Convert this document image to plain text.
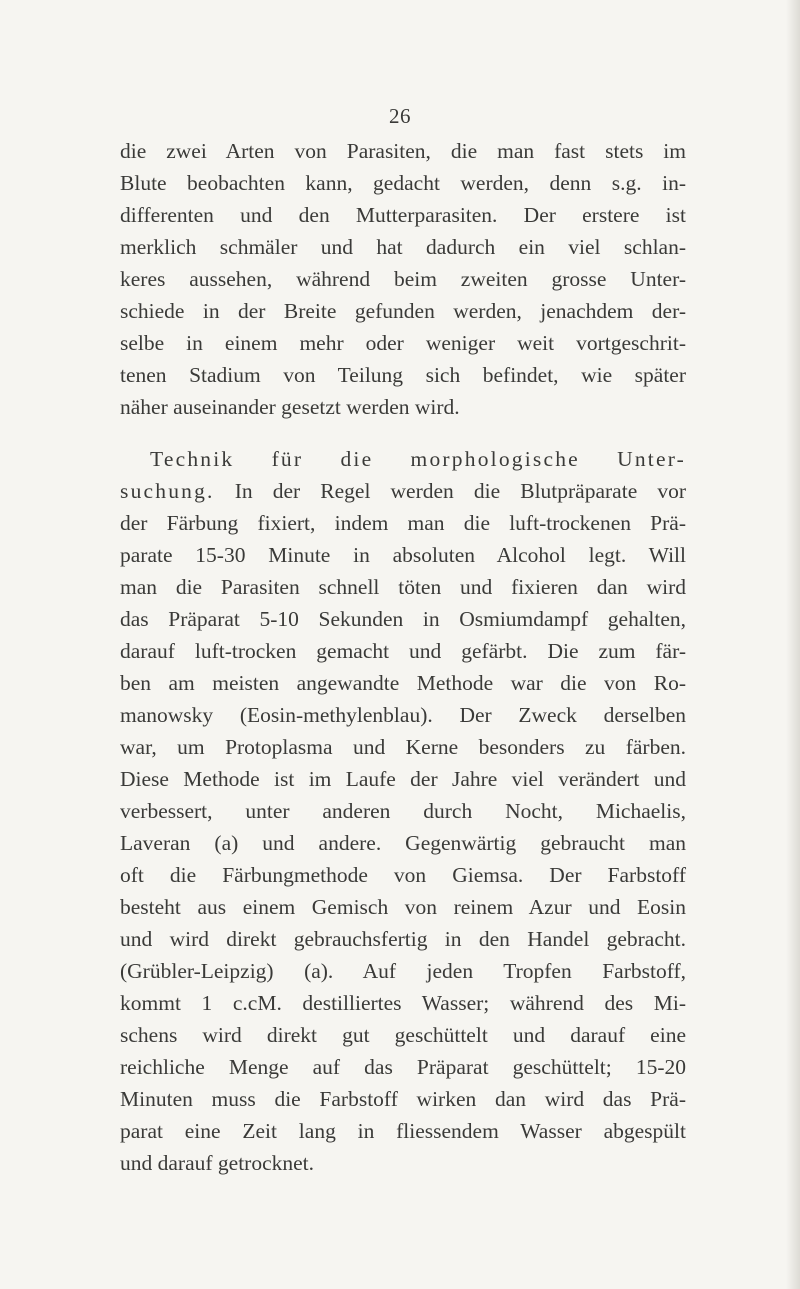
26
die zwei Arten von Parasiten, die man fast stets im
Blute beobachten kann, gedacht werden, denn s.g. in-
differenten und den Mutterparasiten. Der erstere ist
merklich schmäler und hat dadurch ein viel schlan-
keres aussehen, während beim zweiten grosse Unter-
schiede in der Breite gefunden werden, jenachdem der-
selbe in einem mehr oder weniger weit vortgeschrit-
tenen Stadium von Teilung sich befindet, wie später
näher auseinander gesetzt werden wird.
Technik für die morphologische Unter-
suchung. In der Regel werden die Blutpräparate vor
der Färbung fixiert, indem man die luft-trockenen Prä-
parate 15-30 Minute in absoluten Alcohol legt. Will
man die Parasiten schnell töten und fixieren dan wird
das Präparat 5-10 Sekunden in Osmiumdampf gehalten,
darauf luft-trocken gemacht und gefärbt. Die zum fär-
ben am meisten angewandte Methode war die von Ro-
manowsky (Eosin-methylenblau). Der Zweck derselben
war, um Protoplasma und Kerne besonders zu färben.
Diese Methode ist im Laufe der Jahre viel verändert und
verbessert, unter anderen durch Nocht, Michaelis,
Laveran (a) und andere. Gegenwärtig gebraucht man
oft die Färbungmethode von Giemsa. Der Farbstoff
besteht aus einem Gemisch von reinem Azur und Eosin
und wird direkt gebrauchsfertig in den Handel gebracht.
(Grübler-Leipzig) (a). Auf jeden Tropfen Farbstoff,
kommt 1 c.cM. destilliertes Wasser; während des Mi-
schens wird direkt gut geschüttelt und darauf eine
reichliche Menge auf das Präparat geschüttelt; 15-20
Minuten muss die Farbstoff wirken dan wird das Prä-
parat eine Zeit lang in fliessendem Wasser abgespült
und darauf getrocknet.
